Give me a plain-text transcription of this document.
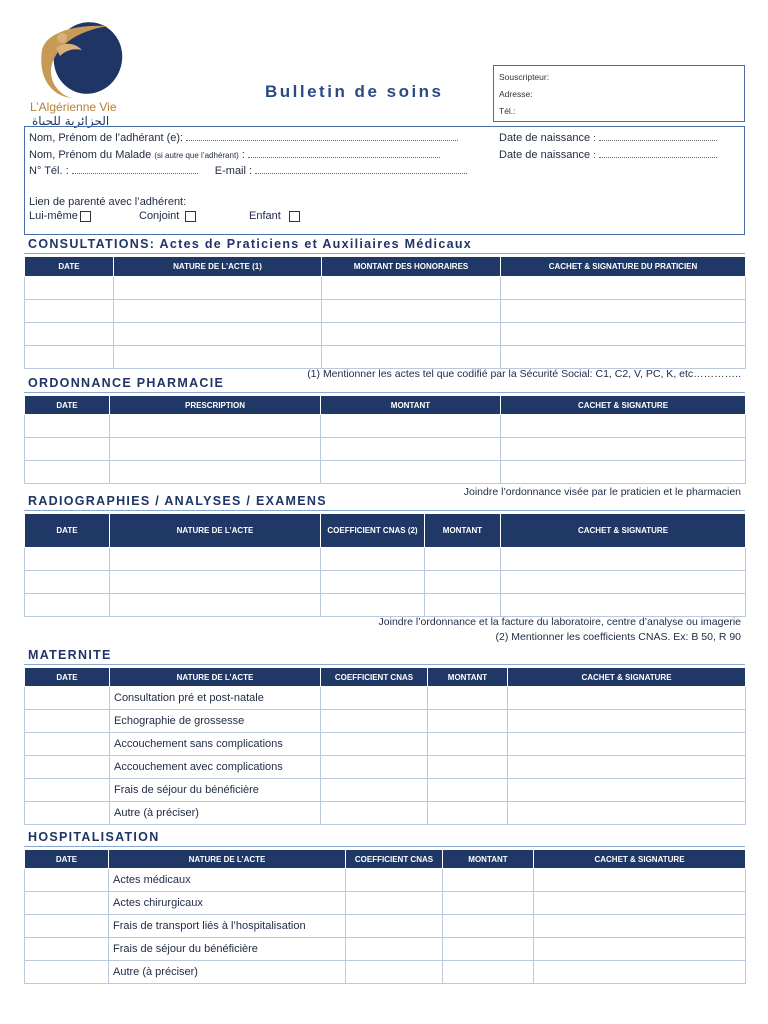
L’Algérienne Vie
الجزائرية للحياة
Bulletin de soins
Souscripteur:
Adresse:
Tél.:
Nom, Prénom de l’adhérant (e):
Nom, Prénom du Malade (si autre que l’adhérant) :
N° Tél. :	E-mail :
Date de naissance :
Date de naissance :
Lien de parenté avec l’adhérent:
Lui-même	Conjoint	Enfant
CONSULTATIONS: Actes de Praticiens et Auxiliaires Médicaux
DATE	NATURE DE L’ACTE (1)	MONTANT DES HONORAIRES	CACHET & SIGNATURE DU PRATICIEN

(1) Mentionner les actes tel que codifié par la Sécurité Social: C1, C2, V, PC, K, etc…………..
ORDONNANCE PHARMACIE
DATE	PRESCRIPTION	MONTANT	CACHET & SIGNATURE

Joindre l’ordonnance visée par le praticien et le pharmacien
RADIOGRAPHIES / ANALYSES / EXAMENS
DATE	NATURE DE L’ACTE	COEFFICIENT CNAS (2)	MONTANT	CACHET & SIGNATURE

Joindre l’ordonnance et la facture du laboratoire, centre d’analyse ou imagerie
(2) Mentionner les coefficients CNAS. Ex: B 50, R 90
MATERNITE
DATE	NATURE DE L’ACTE	COEFFICIENT CNAS	MONTANT	CACHET & SIGNATURE
	Consultation pré et post-natale			
	Echographie de grossesse			
	Accouchement sans complications			
	Accouchement avec complications			
	Frais de séjour du bénéficière			
	Autre (à préciser)			
HOSPITALISATION
DATE	NATURE DE L’ACTE	COEFFICIENT CNAS	MONTANT	CACHET & SIGNATURE
	Actes médicaux			
	Actes chirurgicaux			
	Frais de transport liés à l’hospitalisation			
	Frais de séjour du bénéficière			
	Autre (à préciser)			
